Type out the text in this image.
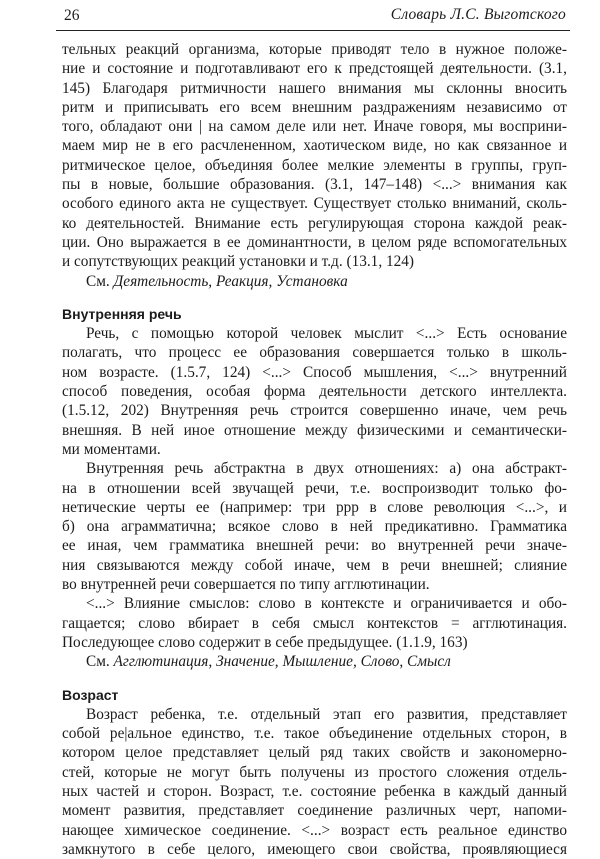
26	Словарь Л.С. Выготского
тельных реакций организма, которые приводят тело в нужное положе-
ние и состояние и подготавливают его к предстоящей деятельности. (3.1,
145) Благодаря ритмичности нашего внимания мы склонны вносить
ритм и приписывать его всем внешним раздражениям независимо от
того, обладают они | на самом деле или нет. Иначе говоря, мы восприни-
маем мир не в его расчлененном, хаотическом виде, но как связанное и
ритмическое целое, объединяя более мелкие элементы в группы, груп-
пы в новые, большие образования. (3.1, 147–148) <...> внимания как
особого единого акта не существует. Существует столько вниманий, сколь-
ко деятельностей. Внимание есть регулирующая сторона каждой реак-
ции. Оно выражается в ее доминантности, в целом ряде вспомогательных
и сопутствующих реакций установки и т.д. (13.1, 124)
См. Деятельность, Реакция, Установка
Внутренняя речь
Речь, с помощью которой человек мыслит <...> Есть основание
полагать, что процесс ее образования совершается только в школь-
ном возрасте. (1.5.7, 124) <...> Способ мышления, <...> внутренний
способ поведения, особая форма деятельности детского интеллекта.
(1.5.12, 202) Внутренняя речь строится совершенно иначе, чем речь
внешняя. В ней иное отношение между физическими и семантически-
ми моментами.
Внутренняя речь абстрактна в двух отношениях: а) она абстракт-
на в отношении всей звучащей речи, т.е. воспроизводит только фо-
нетические черты ее (например: три ррр в слове революция <...>, и
б) она аграмматична; всякое слово в ней предикативно. Грамматика
ее иная, чем грамматика внешней речи: во внутренней речи значе-
ния связываются между собой иначе, чем в речи внешней; слияние
во внутренней речи совершается по типу агглютинации.
<...> Влияние смыслов: слово в контексте и ограничивается и обо-
гащается; слово вбирает в себя смысл контекстов = агглютинация.
Последующее слово содержит в себе предыдущее. (1.1.9, 163)
См. Агглютинация, Значение, Мышление, Слово, Смысл
Возраст
Возраст ребенка, т.е. отдельный этап его развития, представляет
собой ре|альное единство, т.е. такое объединение отдельных сторон, в
котором целое представляет целый ряд таких свойств и закономерно-
стей, которые не могут быть получены из простого сложения отдель-
ных частей и сторон. Возраст, т.е. состояние ребенка в каждый данный
момент развития, представляет соединение различных черт, напоми-
нающее химическое соединение. <...> возраст есть реальное единство
замкнутого в себе целого, имеющего свои свойства, проявляющиеся
